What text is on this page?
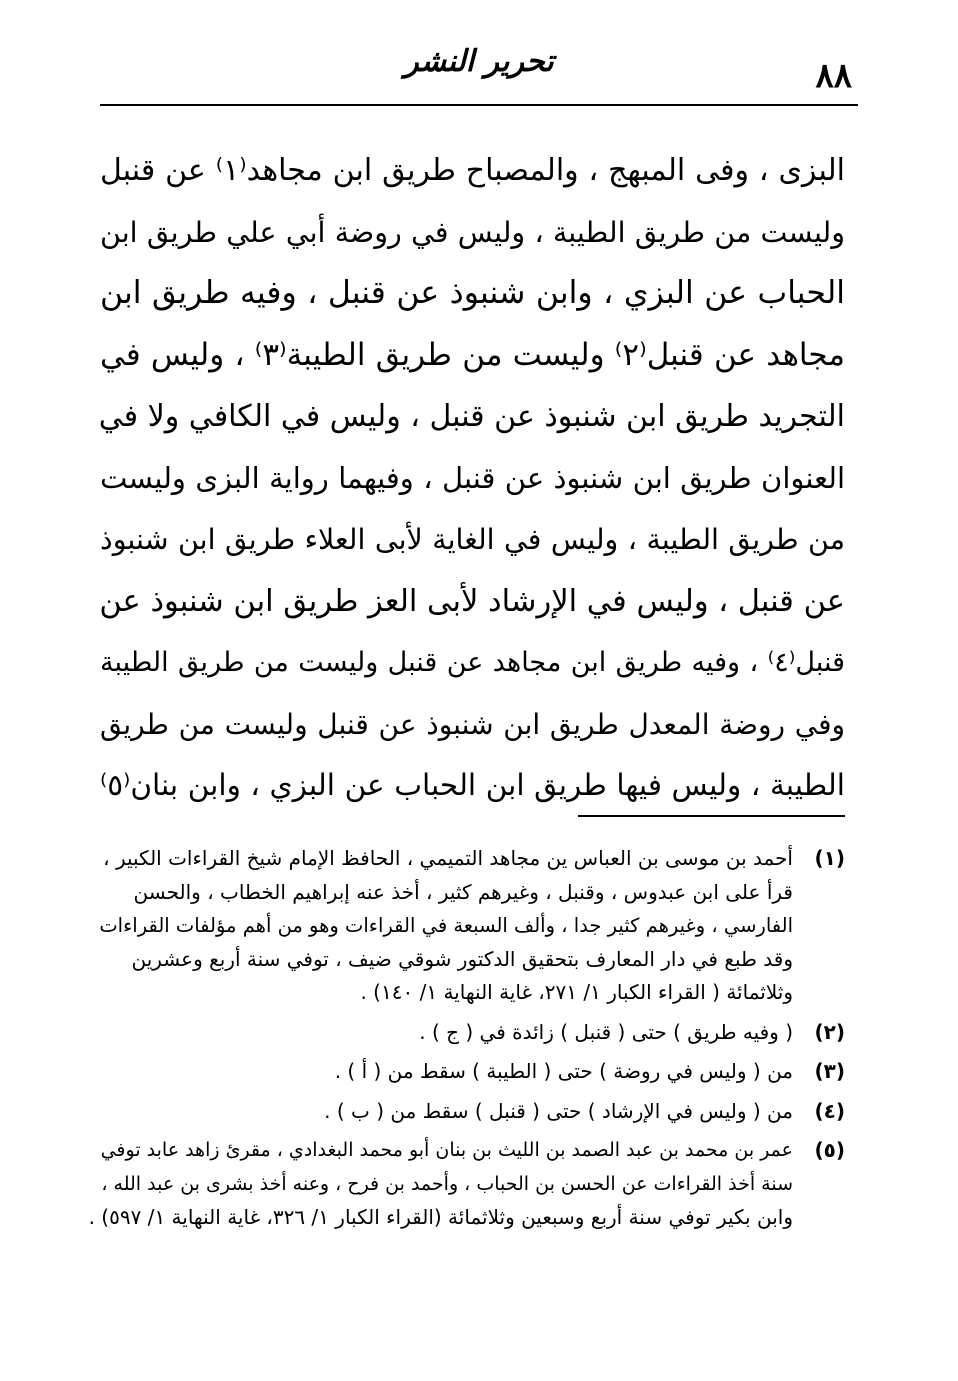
٨٨
تحرير النشر
البزى ، وفى المبهج ، والمصباح طريق ابن مجاهد⁽١⁾ عن قنبل
وليست من طريق الطيبة ، وليس في روضة أبي علي طريق ابن
الحباب عن البزي ، وابن شنبوذ عن قنبل ، وفيه طريق ابن
مجاهد عن قنبل⁽٢⁾ وليست من طريق الطيبة⁽٣⁾ ، وليس في
التجريد طريق ابن شنبوذ عن قنبل ، وليس في الكافي ولا في
العنوان طريق ابن شنبوذ عن قنبل ، وفيهما رواية البزى وليست
من طريق الطيبة ، وليس في الغاية لأبى العلاء طريق ابن شنبوذ
عن قنبل ، وليس في الإرشاد لأبى العز طريق ابن شنبوذ عن
قنبل⁽٤⁾ ، وفيه طريق ابن مجاهد عن قنبل وليست من طريق الطيبة
وفي روضة المعدل طريق ابن شنبوذ عن قنبل وليست من طريق
الطيبة ، وليس فيها طريق ابن الحباب عن البزي ، وابن بنان⁽٥⁾
(١)
أحمد بن موسى بن العباس ين مجاهد التميمي ، الحافظ الإمام شيخ القراءات الكبير ،
قرأ على ابن عبدوس ، وقنبل ، وغيرهم كثير ، أخذ عنه إبراهيم الخطاب ، والحسن
الفارسي ، وغيرهم كثير جدا ، وألف السبعة في القراءات وهو من أهم مؤلفات القراءات
وقد طبع في دار المعارف بتحقيق الدكتور شوقي ضيف ، توفي سنة أربع وعشرين
وثلاثمائة ( القراء الكبار ١/ ٢٧١، غاية النهاية ١/ ١٤٠) .
(٢)
( وفيه طريق ) حتى ( قنبل ) زائدة في ( ج ) .
(٣)
من ( وليس في روضة ) حتى ( الطيبة ) سقط من ( أ ) .
(٤)
من ( وليس في الإرشاد ) حتى ( قنبل ) سقط من ( ب ) .
(٥)
عمر بن محمد بن عبد الصمد بن الليث بن بنان أبو محمد البغدادي ، مقرئ زاهد عابد توفي
سنة أخذ القراءات عن الحسن بن الحباب ، وأحمد بن فرح ، وعنه أخذ بشرى بن عبد الله ،
وابن بكير توفي سنة أربع وسبعين وثلاثمائة (القراء الكبار ١/ ٣٢٦، غاية النهاية ١/ ٥٩٧) .
